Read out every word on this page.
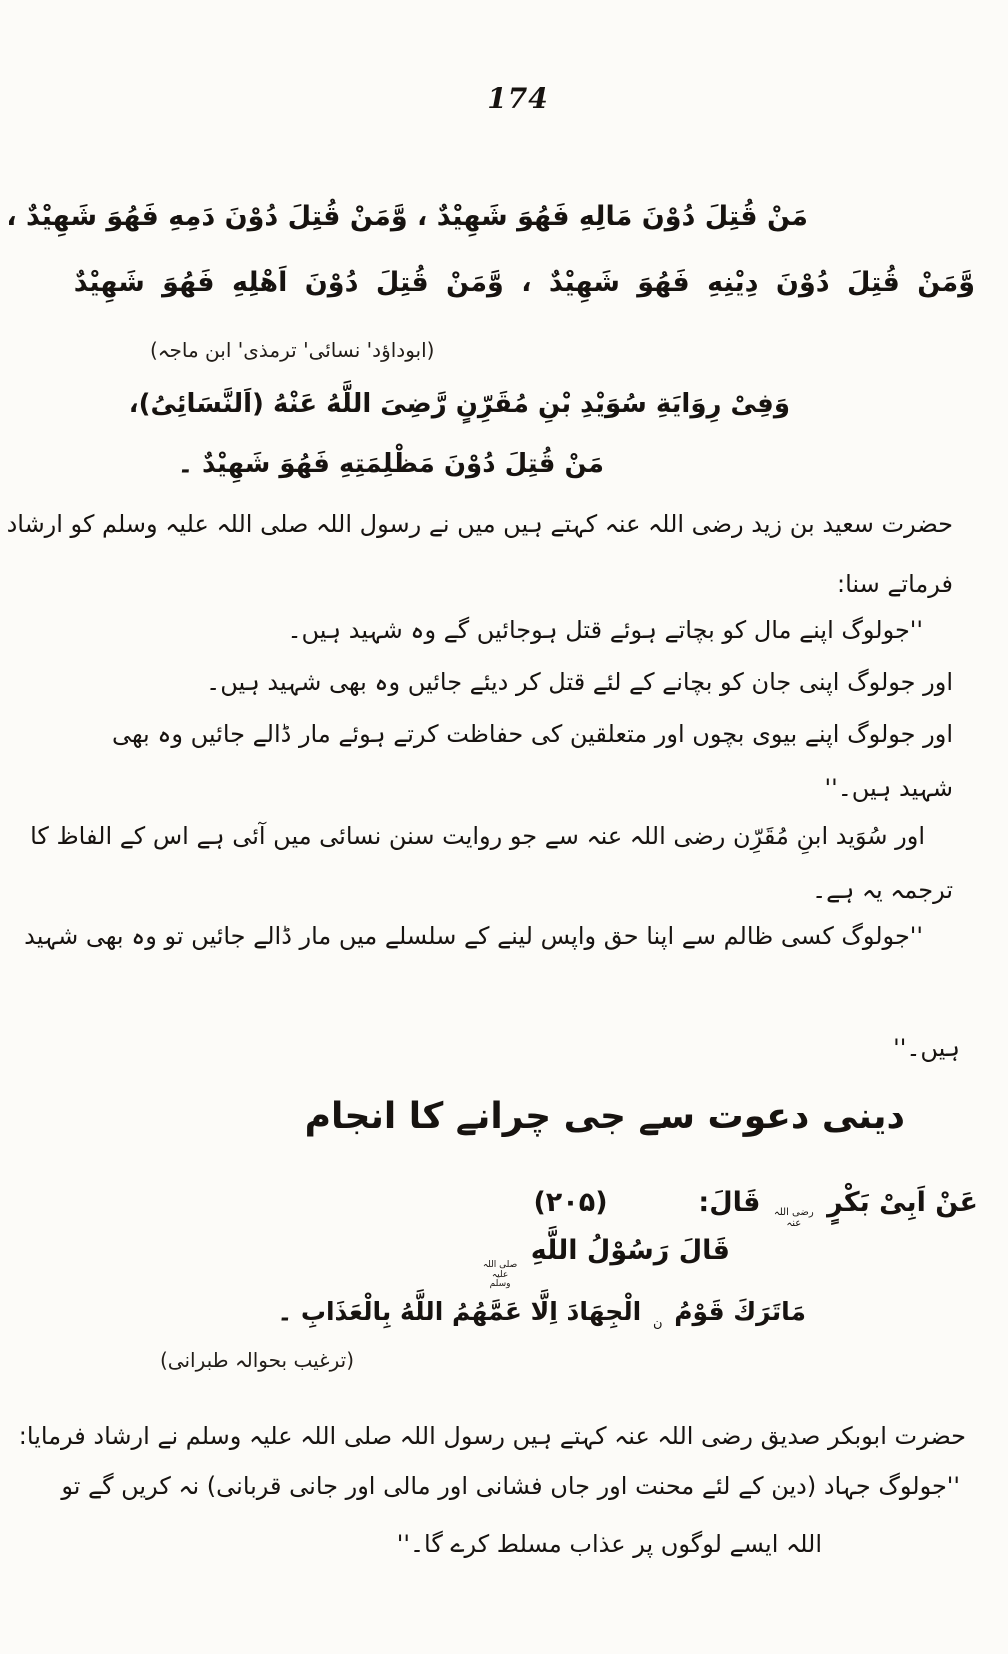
174
مَنْ قُتِلَ دُوْنَ مَالِهِ فَهُوَ شَهِيْدٌ ، وَّمَنْ قُتِلَ دُوْنَ دَمِهِ فَهُوَ شَهِيْدٌ ،
وَّمَنْ قُتِلَ دُوْنَ دِيْنِهِ فَهُوَ شَهِيْدٌ ، وَّمَنْ قُتِلَ دُوْنَ اَهْلِهِ فَهُوَ شَهِيْدٌ
(ابوداؤد' نسائی' ترمذی' ابن ماجہ)
وَفِیْ رِوَايَةِ سُوَيْدِ بْنِ مُقَرِّنٍ رَّضِیَ اللَّهُ عَنْهُ (اَلنَّسَائِیُ)،
مَنْ قُتِلَ دُوْنَ مَظْلِمَتِهِ فَهُوَ شَهِيْدٌ ۔
حضرت سعید بن زید رضی اللہ عنہ کہتے ہیں میں نے رسول اللہ صلی اللہ علیہ وسلم کو ارشاد
فرماتے سنا:
''جولوگ اپنے مال کو بچاتے ہوئے قتل ہوجائیں گے وہ شہید ہیں۔
اور جولوگ اپنی جان کو بچانے کے لئے قتل کر دیئے جائیں وہ بھی شہید ہیں۔
اور جولوگ اپنے بیوی بچوں اور متعلقین کی حفاظت کرتے ہوئے مار ڈالے جائیں وہ بھی
شہید ہیں۔''
اور سُوَید ابنِ مُقَرِّن رضی اللہ عنہ سے جو روایت سنن نسائی میں آئی ہے اس کے الفاظ کا
ترجمہ یہ ہے۔
''جولوگ کسی ظالم سے اپنا حق واپس لینے کے سلسلے میں مار ڈالے جائیں تو وہ بھی شہید
ہیں۔''
دینی دعوت سے جی چرانے کا انجام
عَنْ اَبِیْ بَكْرٍ
رضی اللہ
عنہ
قَالَ:  (۲۰۵)
قَالَ رَسُوْلُ اللَّهِ
صلی اللہ
علیہ
وسلم
مَاتَرَكَ قَوْمُ $_ن$ الْجِهَادَ اِلَّا عَمَّهُمُ اللَّهُ بِالْعَذَابِ ۔
(ترغیب بحوالہ طبرانی)
حضرت ابوبکر صدیق رضی اللہ عنہ کہتے ہیں رسول اللہ صلی اللہ علیہ وسلم نے ارشاد فرمایا:
''جولوگ جہاد (دین کے لئے محنت اور جاں فشانی اور مالی اور جانی قربانی) نہ کریں گے تو
اللہ ایسے لوگوں پر عذاب مسلط کرے گا۔''
